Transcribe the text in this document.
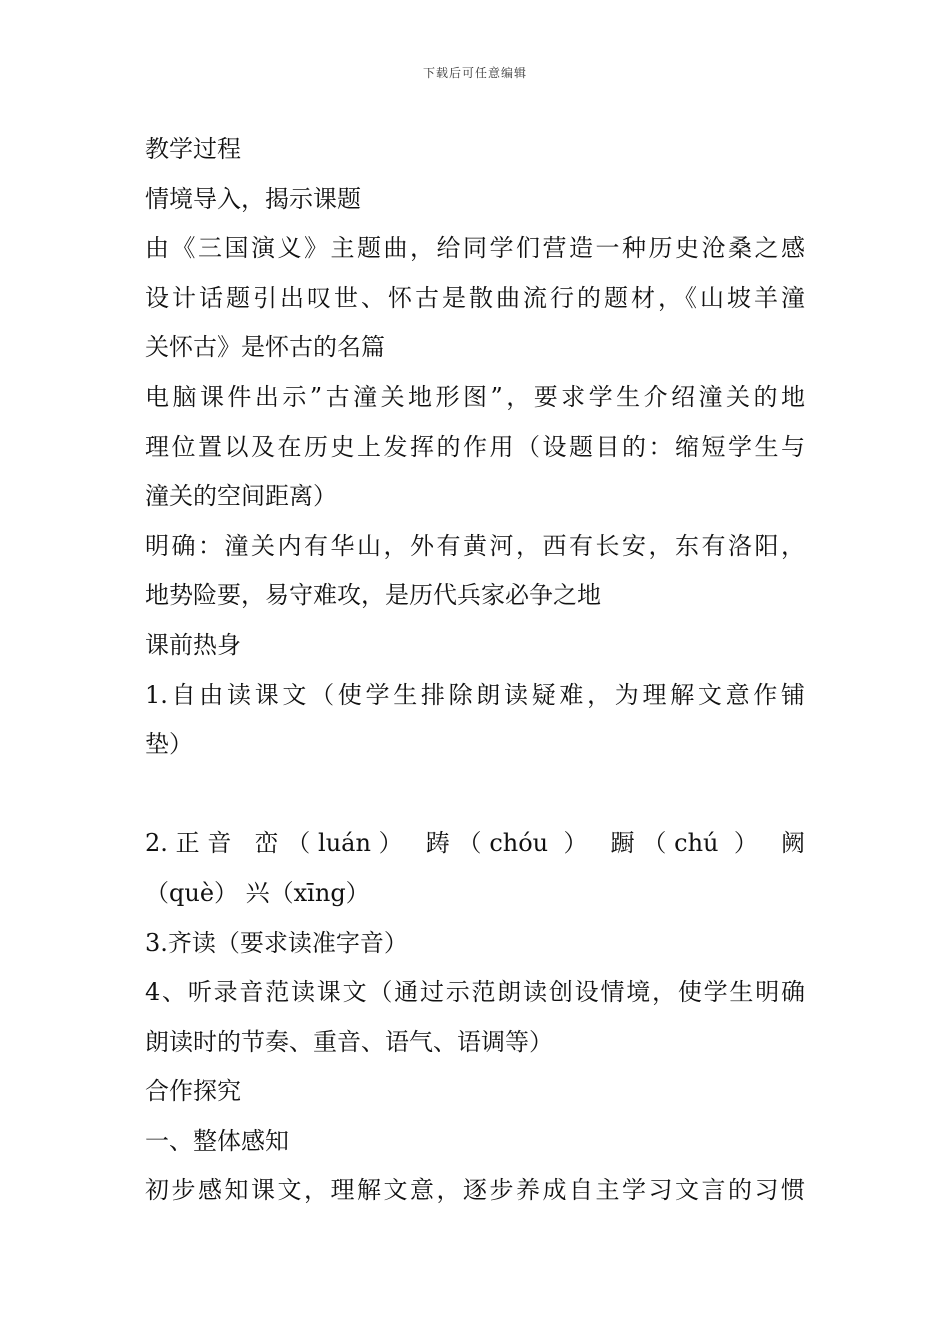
下载后可任意编辑
教学过程
情境导入，揭示课题
由《三国演义》主题曲，给同学们营造一种历史沧桑之感
设计话题引出叹世、怀古是散曲流行的题材，《山坡羊潼
关怀古》是怀古的名篇
电脑课件出示”古潼关地形图”，要求学生介绍潼关的地
理位置以及在历史上发挥的作用（设题目的：缩短学生与
潼关的空间距离）
明确：潼关内有华山，外有黄河，西有长安，东有洛阳，
地势险要，易守难攻，是历代兵家必争之地
课前热身
1.自由读课文（使学生排除朗读疑难，为理解文意作铺
垫）
2.正音 峦（luán） 踌（chóu ） 蹰（chú ） 阙
（què） 兴（xīng）
3.齐读（要求读准字音）
4、听录音范读课文（通过示范朗读创设情境，使学生明确
朗读时的节奏、重音、语气、语调等）
合作探究
一、整体感知
初步感知课文，理解文意，逐步养成自主学习文言的习惯
